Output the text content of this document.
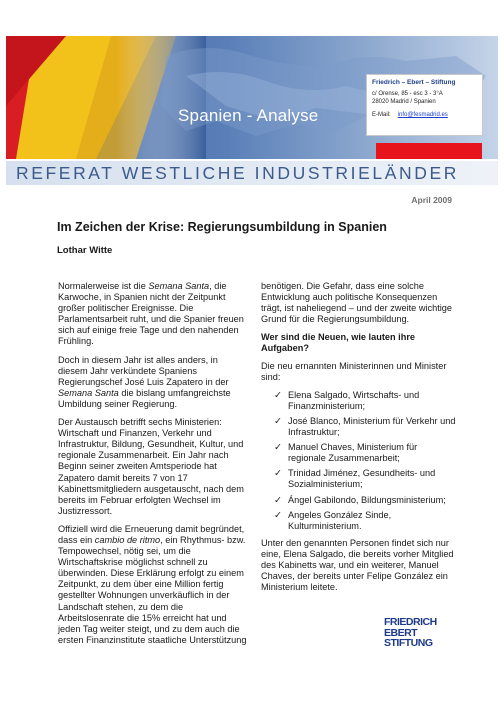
Spanien - Analyse
Friedrich – Ebert – Stiftung
c/ Orense, 85 - esc 3 - 3°A
28020 Madrid / Spanien
E-Mail: info@fesmadrid.es
REFERAT WESTLICHE INDUSTRIELÄNDER
April 2009
Im Zeichen der Krise: Regierungsumbildung in Spanien
Lothar Witte

Normalerweise ist die Semana Santa, die Karwoche, in Spanien nicht der Zeitpunkt großer politischer Ereignisse. Die Parlamentsarbeit ruht, und die Spanier freuen sich auf einige freie Tage und den nahenden Frühling.

Doch in diesem Jahr ist alles anders, in diesem Jahr verkündete Spaniens Regierungschef José Luis Zapatero in der Semana Santa die bislang umfangreichste Umbildung seiner Regierung.

Der Austausch betrifft sechs Ministerien: Wirtschaft und Finanzen, Verkehr und Infrastruktur, Bildung, Gesundheit, Kultur, und regionale Zusammenarbeit. Ein Jahr nach Beginn seiner zweiten Amtsperiode hat Zapatero damit bereits 7 von 17 Kabinettsmitgliedern ausgetauscht, nach dem bereits im Februar erfolgten Wechsel im Justizressort.

Offiziell wird die Erneuerung damit begründet, dass ein cambio de ritmo, ein Rhythmus- bzw. Tempowechsel, nötig sei, um die Wirtschaftskrise möglichst schnell zu überwinden. Diese Erklärung erfolgt zu einem Zeitpunkt, zu dem über eine Million fertig gestellter Wohnungen unverkäuflich in der Landschaft stehen, zu dem die Arbeitslosenrate die 15% erreicht hat und jeden Tag weiter steigt, und zu dem auch die ersten Finanzinstitute staatliche Unterstützung

benötigen. Die Gefahr, dass eine solche Entwicklung auch politische Konsequenzen trägt, ist naheliegend – und der zweite wichtige Grund für die Regierungsumbildung.

Wer sind die Neuen, wie lauten ihre Aufgaben?

Die neu ernannten Ministerinnen und Minister sind:

✓ Elena Salgado, Wirtschafts- und Finanzministerium;
✓ José Blanco, Ministerium für Verkehr und Infrastruktur;
✓ Manuel Chaves, Ministerium für regionale Zusammenarbeit;
✓ Trinidad Jiménez, Gesundheits- und Sozialministerium;
✓ Ángel Gabilondo, Bildungsministerium;
✓ Angeles González Sinde, Kulturministerium.

Unter den genannten Personen findet sich nur eine, Elena Salgado, die bereits vorher Mitglied des Kabinetts war, und ein weiterer, Manuel Chaves, der bereits unter Felipe González ein Ministerium leitete.

FRIEDRICH
EBERT
STIFTUNG
